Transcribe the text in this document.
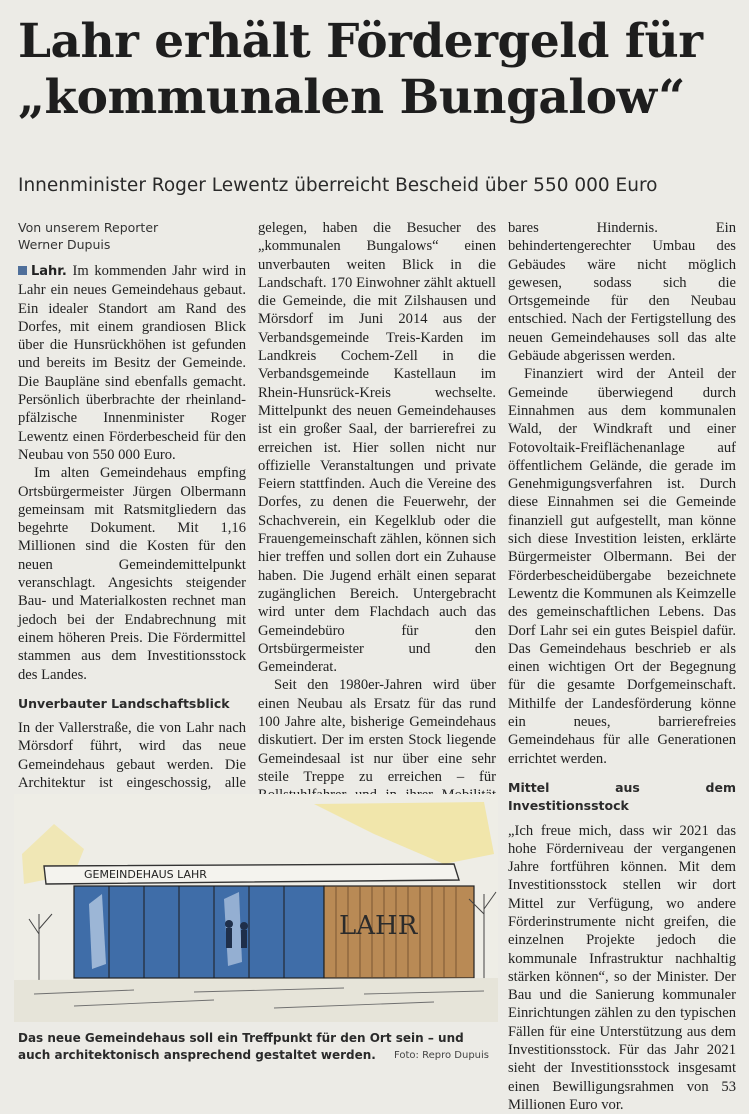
Lahr erhält Fördergeld für
„kommunalen Bungalow“
Innenminister Roger Lewentz überreicht Bescheid über 550 000 Euro
Von unserem Reporter
Werner Dupuis

Lahr. Im kommenden Jahr wird in Lahr ein neues Gemeindehaus gebaut. Ein idealer Standort am Rand des Dorfes, mit einem grandiosen Blick über die Hunsrückhöhen ist gefunden und bereits im Besitz der Gemeinde. Die Baupläne sind ebenfalls gemacht. Persönlich überbrachte der rheinland-pfälzische Innenminister Roger Lewentz einen Förderbescheid für den Neubau von 550 000 Euro.

Im alten Gemeindehaus empfing Ortsbürgermeister Jürgen Olbermann gemeinsam mit Ratsmitgliedern das begehrte Dokument. Mit 1,16 Millionen sind die Kosten für den neuen Gemeindemittelpunkt veranschlagt. Angesichts steigender Bau- und Materialkosten rechnet man jedoch bei der Endabrechnung mit einem höheren Preis. Die Fördermittel stammen aus dem Investitionsstock des Landes.

Unverbauter Landschaftsblick

In der Vallerstraße, die von Lahr nach Mörsdorf führt, wird das neue Gemeindehaus gebaut werden. Die Architektur ist eingeschossig, alle

gelegen, haben die Besucher des „kommunalen Bungalows“ einen unverbauten weiten Blick in die Landschaft. 170 Einwohner zählt aktuell die Gemeinde, die mit Zilshausen und Mörsdorf im Juni 2014 aus der Verbandsgemeinde Treis-Karden im Landkreis Cochem-Zell in die Verbandsgemeinde Kastellaun im Rhein-Hunsrück-Kreis wechselte. Mittelpunkt des neuen Gemeindehauses ist ein großer Saal, der barrierefrei zu erreichen ist. Hier sollen nicht nur offizielle Veranstaltungen und private Feiern stattfinden. Auch die Vereine des Dorfes, zu denen die Feuerwehr, der Schachverein, ein Kegelklub oder die Frauengemeinschaft zählen, können sich hier treffen und sollen dort ein Zuhause haben. Die Jugend erhält einen separat zugänglichen Bereich. Untergebracht wird unter dem Flachdach auch das Gemeindebüro für den Ortsbürgermeister und den Gemeinderat.

Seit den 1980er-Jahren wird über einen Neubau als Ersatz für das rund 100 Jahre alte, bisherige Gemeindehaus diskutiert. Der im ersten Stock liegende Gemeindesaal ist nur über eine sehr steile Treppe zu erreichen – für

bares Hindernis. Ein behindertengerechter Umbau des Gebäudes wäre nicht möglich gewesen, sodass sich die Ortsgemeinde für den Neubau entschied. Nach der Fertigstellung des neuen Gemeindehauses soll das alte Gebäude abgerissen werden.

Finanziert wird der Anteil der Gemeinde überwiegend durch Einnahmen aus dem kommunalen Wald, der Windkraft und einer Fotovoltaik-Freiflächenanlage auf öffentlichem Gelände, die gerade im Genehmigungsverfahren ist. Durch diese Einnahmen sei die Gemeinde finanziell gut aufgestellt, man könne sich diese Investition leisten, erklärte Bürgermeister Olbermann. Bei der Förderbescheidübergabe bezeichnete Lewentz die Kommunen als Keimzelle des gemeinschaftlichen Lebens. Das Dorf Lahr sei ein gutes Beispiel dafür. Das Gemeindehaus beschrieb er als einen wichtigen Ort der Begegnung für die gesamte Dorfgemeinschaft. Mithilfe der Landesförderung könne ein neues, barrierefreies Gemeindehaus für alle Generationen errichtet werden.

Mittel aus dem Investitionsstock

„Ich freue mich, dass wir 2021 das hohe Förderniveau der vergangenen Jahre fortführen können. Mit dem Investitionsstock stellen wir dort Mittel zur Verfügung, wo andere Förderinstrumente nicht greifen, die einzelnen Projekte jedoch die kommunale Infrastruktur nachhaltig stärken können“, so der Minister. Der Bau und die Sanierung kommunaler Einrichtungen zählen zu den typischen Fällen für eine Unterstützung aus dem Investitionsstock. Für das Jahr 2021 sieht der Investitionsstock insgesamt einen Bewilligungsrahmen von 53 Millionen Euro vor.

GEMEINDEHAUS LAHR
LAHR
Das neue Gemeindehaus soll ein Treffpunkt für den Ort sein – und auch architektonisch ansprechend gestaltet werden.	Foto: Repro Dupuis
